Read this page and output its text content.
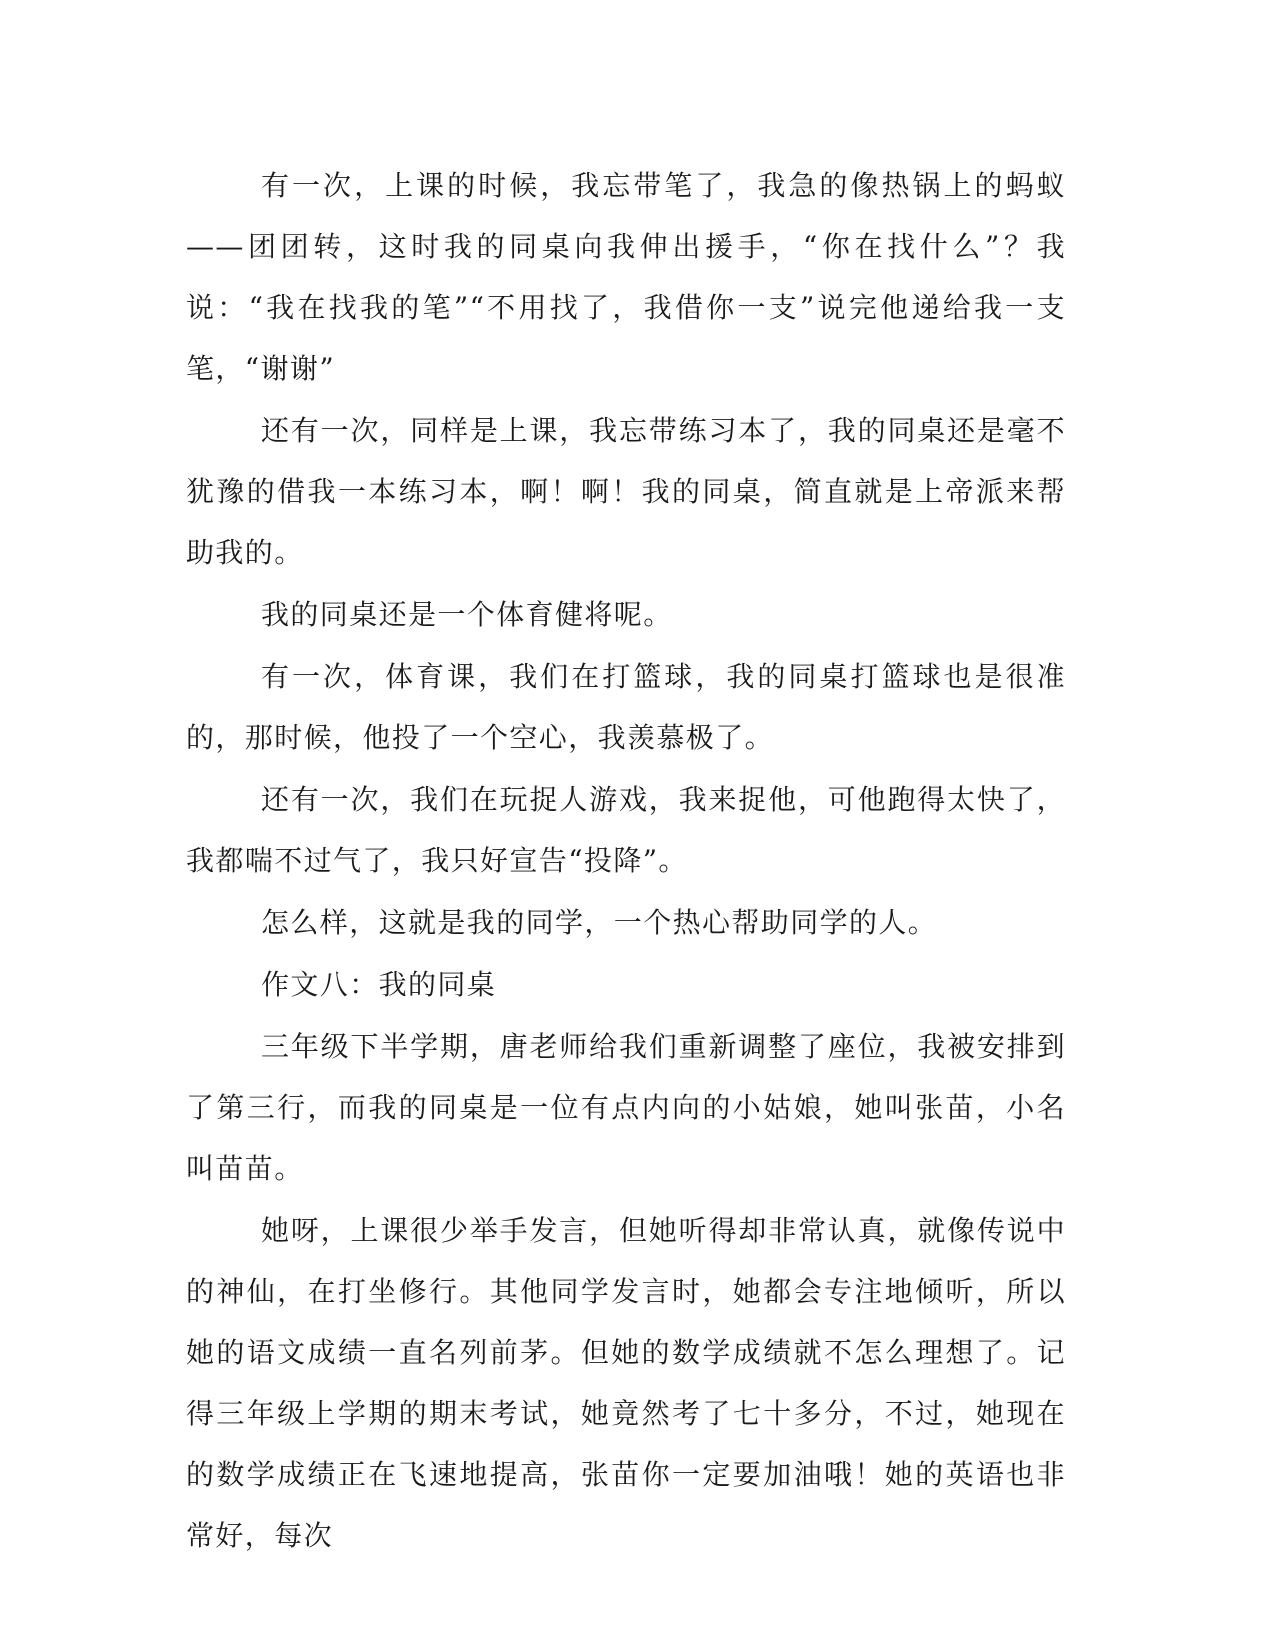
有一次，上课的时候，我忘带笔了，我急的像热锅上的蚂蚁——团团转，这时我的同桌向我伸出援手，“你在找什么”？我说：“我在找我的笔”“不用找了，我借你一支”说完他递给我一支笔，“谢谢”

还有一次，同样是上课，我忘带练习本了，我的同桌还是毫不犹豫的借我一本练习本，啊！啊！我的同桌，简直就是上帝派来帮助我的。

我的同桌还是一个体育健将呢。

有一次，体育课，我们在打篮球，我的同桌打篮球也是很准的，那时候，他投了一个空心，我羡慕极了。

还有一次，我们在玩捉人游戏，我来捉他，可他跑得太快了，我都喘不过气了，我只好宣告“投降”。

怎么样，这就是我的同学，一个热心帮助同学的人。

作文八：我的同桌

三年级下半学期，唐老师给我们重新调整了座位，我被安排到了第三行，而我的同桌是一位有点内向的小姑娘，她叫张苗，小名叫苗苗。

她呀，上课很少举手发言，但她听得却非常认真，就像传说中的神仙，在打坐修行。其他同学发言时，她都会专注地倾听，所以她的语文成绩一直名列前茅。但她的数学成绩就不怎么理想了。记得三年级上学期的期末考试，她竟然考了七十多分，不过，她现在的数学成绩正在飞速地提高，张苗你一定要加油哦！她的英语也非常好，每次
